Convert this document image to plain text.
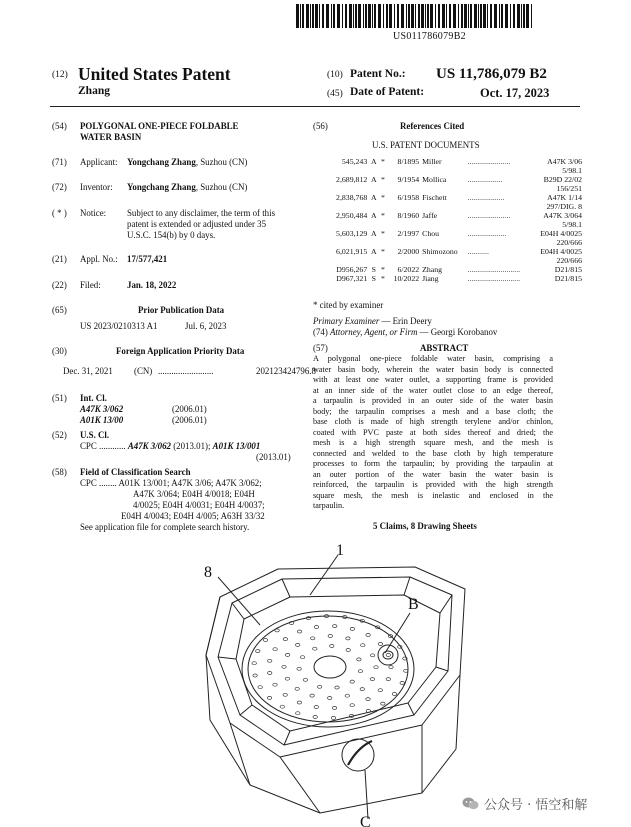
US011786079B2
(12) United States Patent
Zhang
(10) Patent No.: US 11,786,079 B2
(45) Date of Patent:	Oct. 17, 2023
(54) POLYGONAL ONE-PIECE FOLDABLE
WATER BASIN
(71) Applicant: Yongchang Zhang, Suzhou (CN)
(72) Inventor: Yongchang Zhang, Suzhou (CN)
( * ) Notice: Subject to any disclaimer, the term of this
patent is extended or adjusted under 35
U.S.C. 154(b) by 0 days.
(21) Appl. No.: 17/577,421
(22) Filed:	Jan. 18, 2022
(65)	Prior Publication Data
US 2023/0210313 A1	Jul. 6, 2023
(30)	Foreign Application Priority Data
Dec. 31, 2021 (CN) .........................	202123424796.8
(51) Int. Cl.
A47K 3/062	(2006.01)
A01K 13/00	(2006.01)
(52) U.S. Cl.
CPC ............ A47K 3/062 (2013.01); A01K 13/001
(2013.01)
(58) Field of Classification Search
CPC ........ A01K 13/001; A47K 3/06; A47K 3/062;
A47K 3/064; E04H 4/0018; E04H
4/0025; E04H 4/0031; E04H 4/0037;
E04H 4/0043; E04H 4/005; A63H 33/32
See application file for complete search history.
(56)	References Cited
U.S. PATENT DOCUMENTS
545,243	A	*	8/1895	Miller	......................	A47K 3/06
5/98.1						
2,689,812	A	*	9/1954	Mollica	..................	B29D 22/02
156/251						
2,838,768	A	*	6/1958	Fischett	...................	A47K 1/14
297/DIG. 8						
2,950,484	A	*	8/1960	Jaffe	......................	A47K 3/064
5/98.1						
5,603,129	A	*	2/1997	Chou	....................	E04H 4/0025
220/666						
6,021,915	A	*	2/2000	Shimozono	...........	E04H 4/0025
220/666						
D956,267	S	*	6/2022	Zhang	...........................	D21/815
D967,321	S	*	10/2022	Jiang	...........................	D21/815
* cited by examiner
Primary Examiner — Erin Deery
(74) Attorney, Agent, or Firm — Georgi Korobanov
(57)	ABSTRACT
A polygonal one-piece foldable water basin, comprising a
water basin body, wherein the water basin body is connected
with at least one water outlet, a supporting frame is provided
at an inner side of the water outlet close to an edge thereof,
a tarpaulin is provided in an outer side of the water basin
body; the tarpaulin comprises a mesh and a base cloth; the
base cloth is made of high strength terylene and/or chinlon,
coated with PVC paste at both sides thereof and dried; the
mesh is a high strength square mesh, and the mesh is
connected and welded to the base cloth by high temperature
processes to form the tarpaulin; by providing the tarpaulin at
an outer portion of the water basin the water basin is
reinforced, the tarpaulin is provided with the high strength
square mesh, the mesh is inelastic and enclosed in the
tarpaulin.
5 Claims, 8 Drawing Sheets
1
8
B
C
公众号 · 悟空和解
